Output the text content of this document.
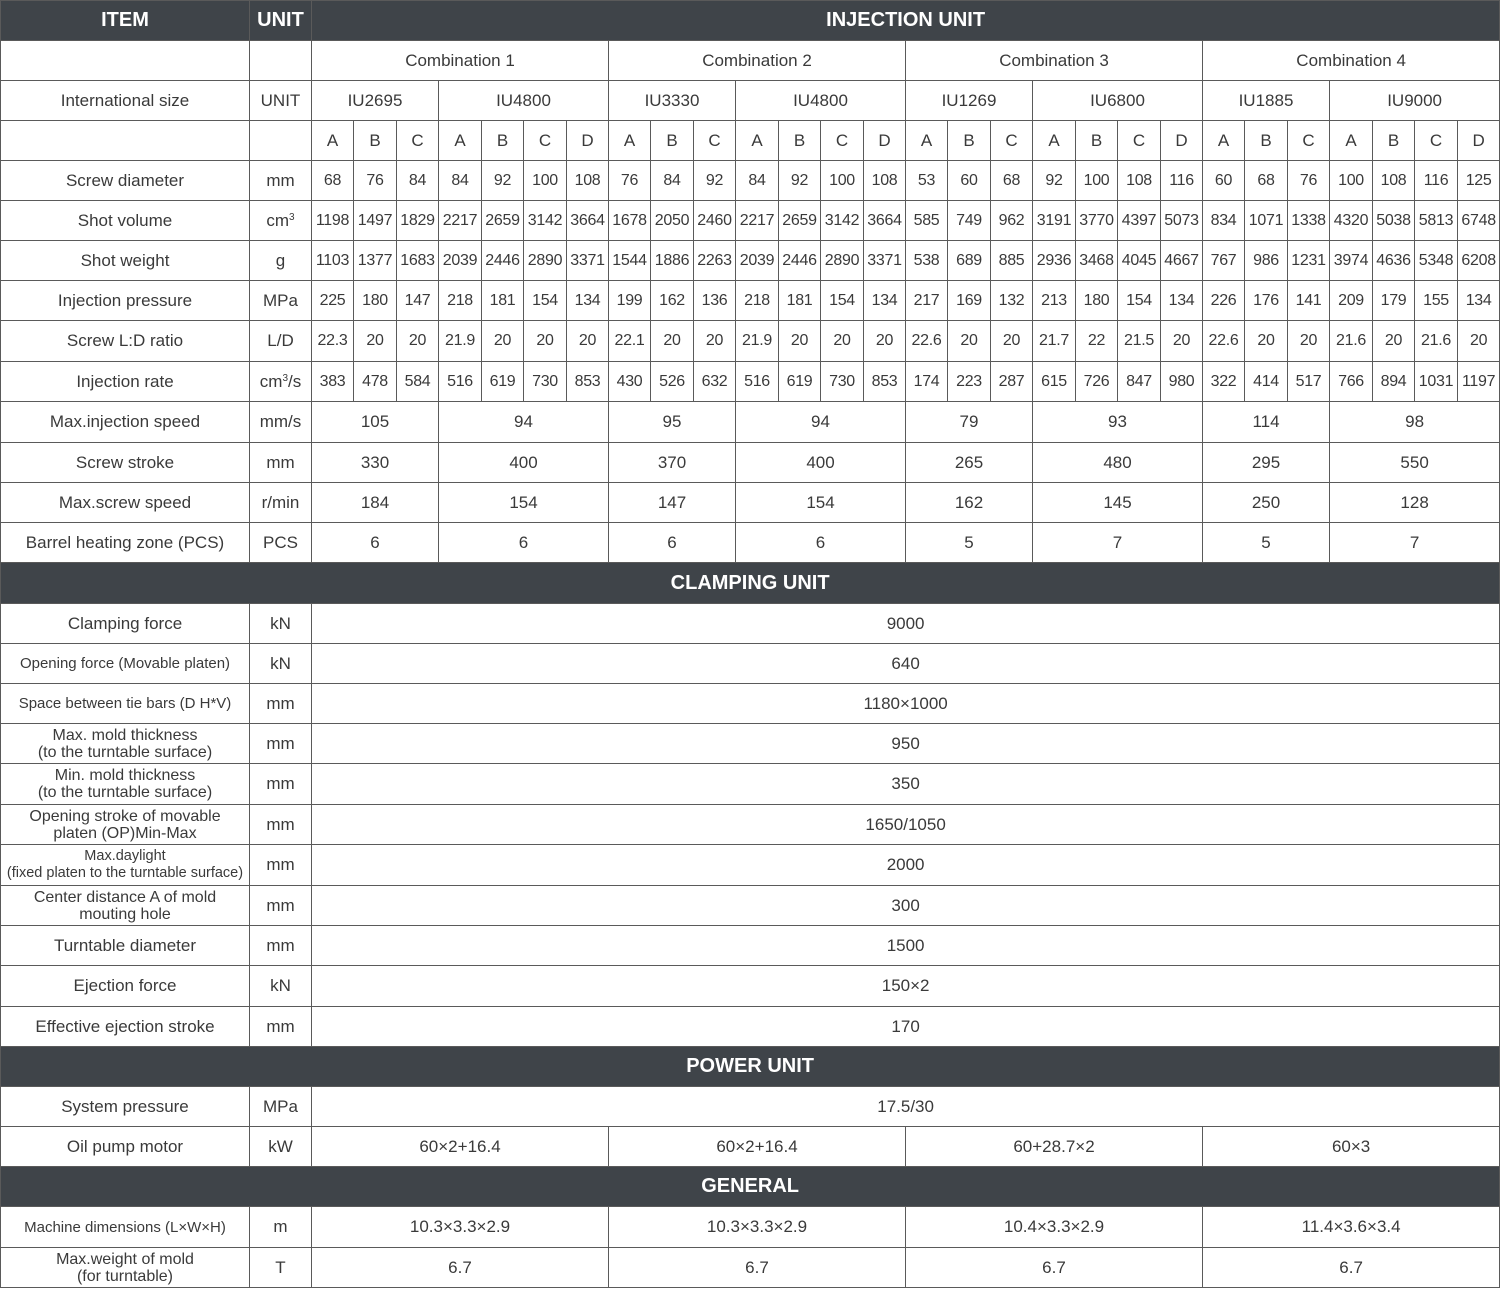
ITEM	UNIT	INJECTION UNIT																											
		Combination 1							Combination 2							Combination 3							Combination 4						
International size	UNIT	IU2695			IU4800				IU3330			IU4800				IU1269			IU6800				IU1885			IU9000			
		A	B	C	A	B	C	D	A	B	C	A	B	C	D	A	B	C	A	B	C	D	A	B	C	A	B	C	D
Screw diameter	mm	68	76	84	84	92	100	108	76	84	92	84	92	100	108	53	60	68	92	100	108	116	60	68	76	100	108	116	125
Shot volume	$cm^3$	1198	1497	1829	2217	2659	3142	3664	1678	2050	2460	2217	2659	3142	3664	585	749	962	3191	3770	4397	5073	834	1071	1338	4320	5038	5813	6748
Shot weight	g	1103	1377	1683	2039	2446	2890	3371	1544	1886	2263	2039	2446	2890	3371	538	689	885	2936	3468	4045	4667	767	986	1231	3974	4636	5348	6208
Injection pressure	MPa	225	180	147	218	181	154	134	199	162	136	218	181	154	134	217	169	132	213	180	154	134	226	176	141	209	179	155	134
Screw L:D ratio	L/D	22.3	20	20	21.9	20	20	20	22.1	20	20	21.9	20	20	20	22.6	20	20	21.7	22	21.5	20	22.6	20	20	21.6	20	21.6	20
Injection rate	$cm^3/s$	383	478	584	516	619	730	853	430	526	632	516	619	730	853	174	223	287	615	726	847	980	322	414	517	766	894	1031	1197
Max.injection speed	mm/s	105			94				95			94				79			93				114			98			
Screw stroke	mm	330			400				370			400				265			480				295			550			
Max.screw speed	r/min	184			154				147			154				162			145				250			128			
Barrel heating zone (PCS)	PCS	6			6				6			6				5			7				5			7			
CLAMPING UNIT																													
Clamping force	kN	9000																											
Opening force (Movable platen)	kN	640																											
Space between tie bars (D H*V)	mm	1180×1000																											

Max. mold thickness
(to the turntable surface)	mm	950																											

Min. mold thickness
(to the turntable surface)	mm	350																											

Opening stroke of movable
platen (OP)Min-Max	mm	1650/1050																											

Max.daylight
(fixed platen to the turntable surface)	mm	2000																											

Center distance A of mold
mouting hole	mm	300																											
Turntable diameter	mm	1500																											
Ejection force	kN	150×2																											
Effective ejection stroke	mm	170																											
POWER UNIT																													
System pressure	MPa	17.5/30																											
Oil pump motor	kW	60×2+16.4							60×2+16.4							60+28.7×2							60×3						
GENERAL																													
Machine dimensions (L×W×H)	m	10.3×3.3×2.9							10.3×3.3×2.9							10.4×3.3×2.9							11.4×3.6×3.4						

Max.weight of mold
(for turntable)	T	6.7							6.7							6.7							6.7						
